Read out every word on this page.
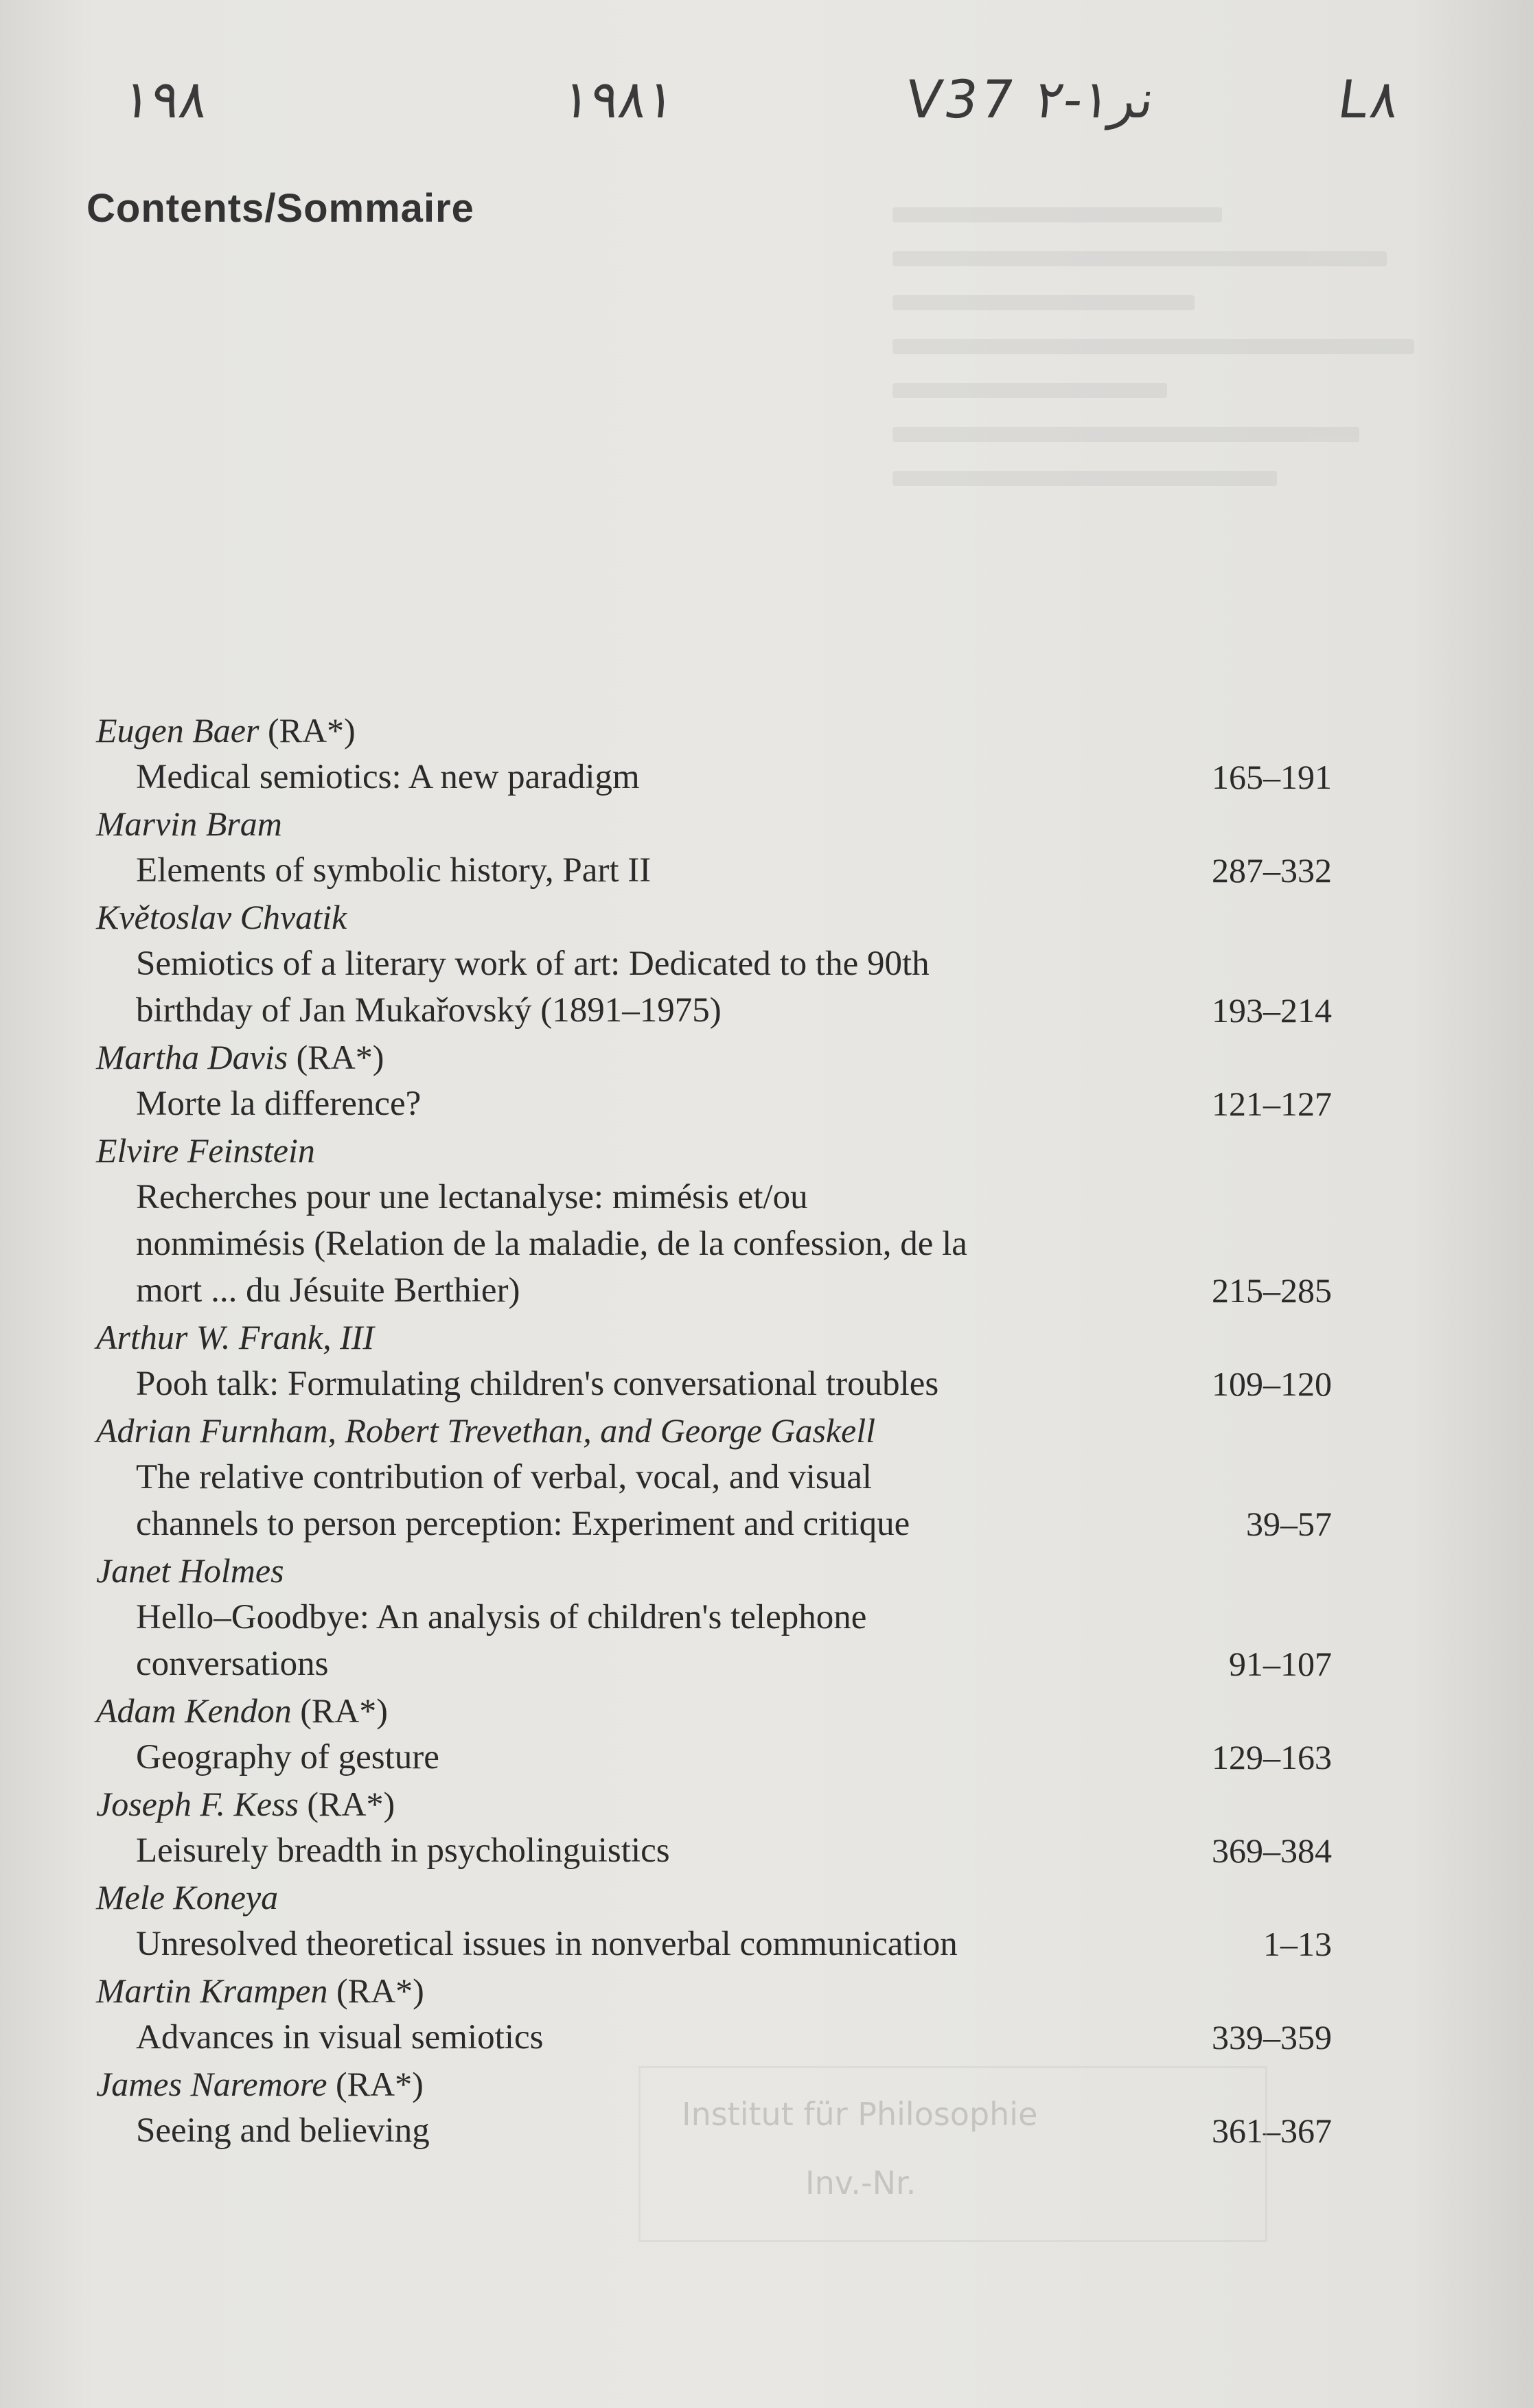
۱۹۸	۱۹۸۱	V37 نر۱-۲	L۸
Contents/Sommaire
Eugen Baer (RA*)
Medical semiotics: A new paradigm	165–191
Marvin Bram
Elements of symbolic history, Part II	287–332
Květoslav Chvatik
Semiotics of a literary work of art: Dedicated to the 90th
birthday of Jan Mukařovský (1891–1975)	193–214
Martha Davis (RA*)
Morte la difference?	121–127
Elvire Feinstein
Recherches pour une lectanalyse: mimésis et/ou
nonmimésis (Relation de la maladie, de la confession, de la
mort ... du Jésuite Berthier)	215–285
Arthur W. Frank, III
Pooh talk: Formulating children's conversational troubles	109–120
Adrian Furnham, Robert Trevethan, and George Gaskell
The relative contribution of verbal, vocal, and visual
channels to person perception: Experiment and critique	39–57
Janet Holmes
Hello–Goodbye: An analysis of children's telephone
conversations	91–107
Adam Kendon (RA*)
Geography of gesture	129–163
Joseph F. Kess (RA*)
Leisurely breadth in psycholinguistics	369–384
Mele Koneya
Unresolved theoretical issues in nonverbal communication	1–13
Martin Krampen (RA*)
Advances in visual semiotics	339–359
James Naremore (RA*)
Seeing and believing	361–367
Institut für Philosophie
Inv.-Nr.
